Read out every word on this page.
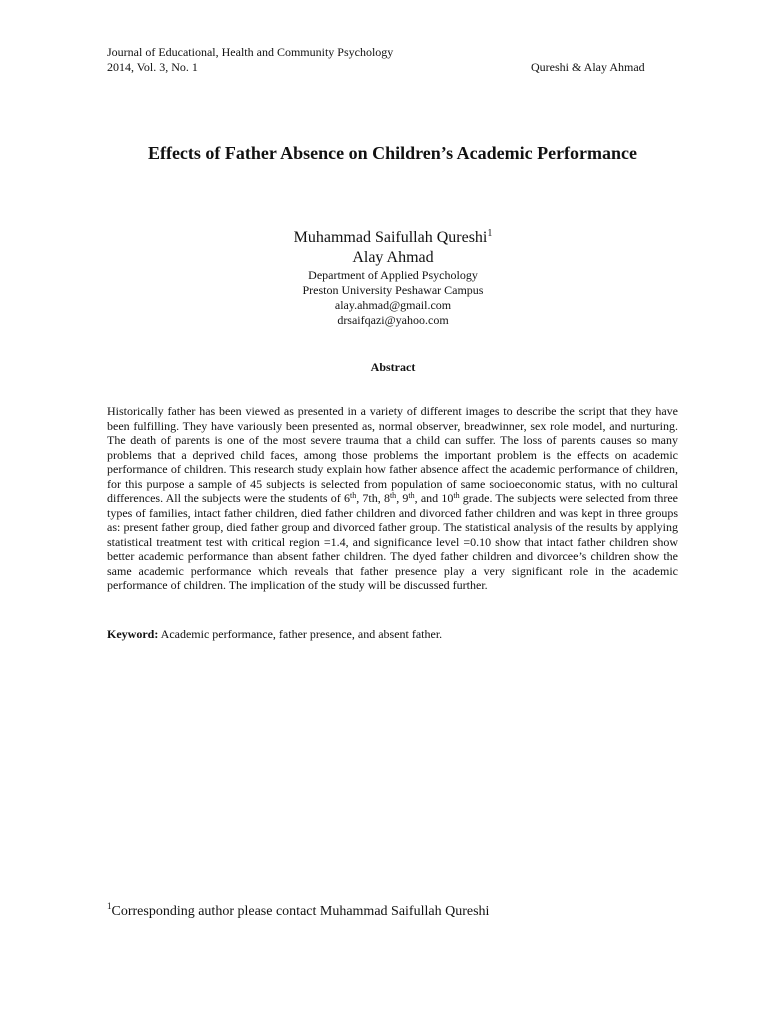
Journal of Educational, Health and Community Psychology
2014, Vol. 3, No. 1	Qureshi & Alay Ahmad
Effects of Father Absence on Children’s Academic Performance
Muhammad Saifullah Qureshi$^1$
Alay Ahmad
Department of Applied Psychology
Preston University Peshawar Campus
alay.ahmad@gmail.com
drsaifqazi@yahoo.com
Abstract

Historically father has been viewed as presented in a variety of different images to describe the script that they have been fulfilling. They have variously been presented as, normal observer, breadwinner, sex role model, and nurturing. The death of parents is one of the most severe trauma that a child can suffer. The loss of parents causes so many problems that a deprived child faces, among those problems the important problem is the effects on academic performance of children. This research study explain how father absence affect the academic performance of children, for this purpose a sample of 45 subjects is selected from population of same socioeconomic status, with no cultural differences. All the subjects were the students of 6th, 7th, 8th, 9th, and 10th grade. The subjects were selected from three types of families, intact father children, died father children and divorced father children and was kept in three groups as: present father group, died father group and divorced father group. The statistical analysis of the results by applying statistical treatment test with critical region =1.4, and significance level =0.10 show that intact father children show better academic performance than absent father children. The dyed father children and divorcee’s children show the same academic performance which reveals that father presence play a very significant role in the academic performance of children. The implication of the study will be discussed further.

Keyword: Academic performance, father presence, and absent father.
$^1$Corresponding author please contact Muhammad Saifullah Qureshi
